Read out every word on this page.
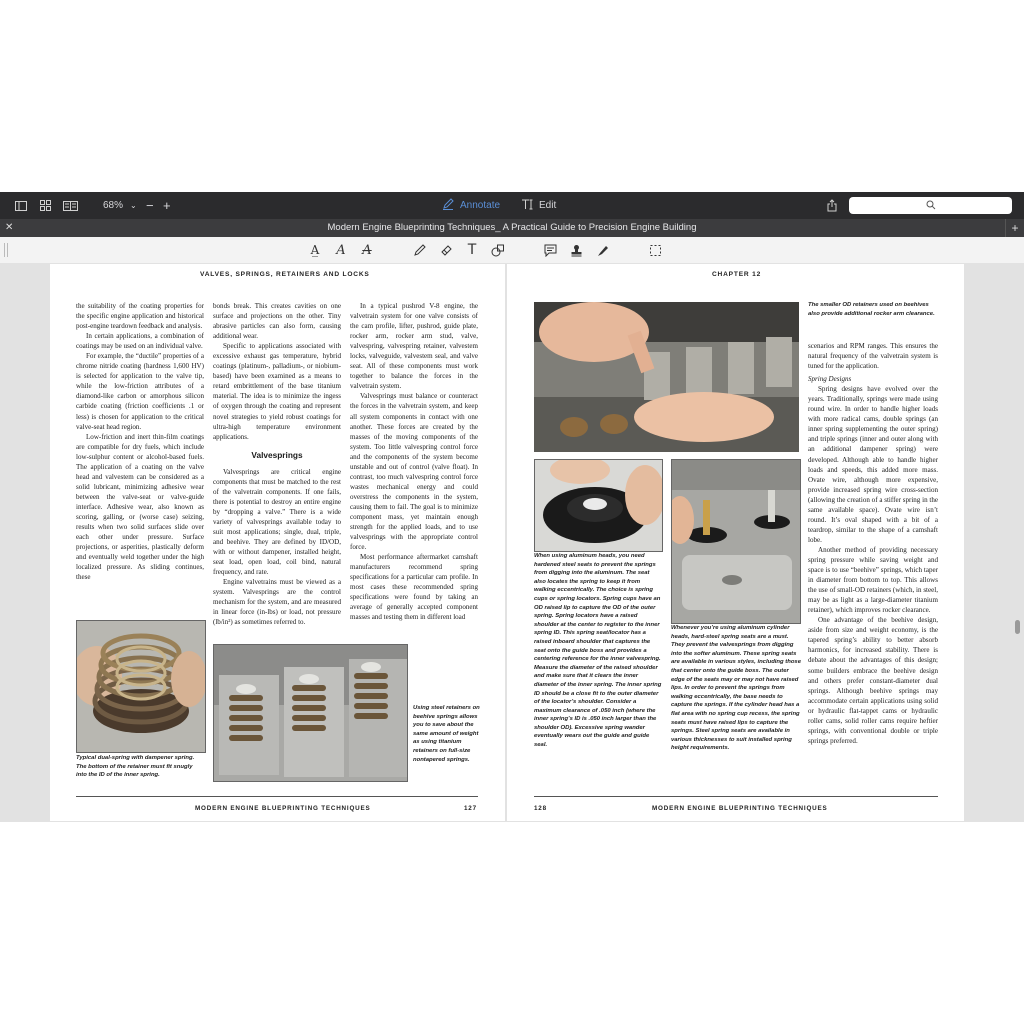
68% ⌄ − +	Annotate	Edit
✕	Modern Engine Blueprinting Techniques_ A Practical Guide to Precision Engine Building	+
A̲ A A	T
VALVES, SPRINGS, RETAINERS AND LOCKS

the suitability of the coating properties for the specific engine application and historical post-engine teardown feedback and analysis.

In certain applications, a combination of coatings may be used on an individual valve.

For example, the “ductile” properties of a chrome nitride coating (hardness 1,600 HV) is selected for application to the valve tip, while the low-friction attributes of a diamond-like carbon or amorphous silicon carbide coating (friction coefficients .1 or less) is chosen for application to the critical valve-seat head region.

Low-friction and inert thin-film coatings are compatible for dry fuels, which include low-sulphur content or alcohol-based fuels. The application of a coating on the valve head and valvestem can be considered as a solid lubricant, minimizing adhesive wear between the valve-seat or valve-guide interface. Adhesive wear, also known as scoring, galling, or (worse case) seizing, results when two solid surfaces slide over each other under pressure. Surface projections, or asperities, plastically deform and eventually weld together under the high localized pressure. As sliding continues, these

bonds break. This creates cavities on one surface and projections on the other. Tiny abrasive particles can also form, causing additional wear.

Specific to applications associated with excessive exhaust gas temperature, hybrid coatings (platinum-, palladium-, or niobium-based) have been examined as a means to retard embrittlement of the base titanium material. The idea is to minimize the ingess of oxygen through the coating and represent novel strategies to yield robust coatings for ultra-high temperature environment applications.

Valvesprings

Valvesprings are critical engine components that must be matched to the rest of the valvetrain components. If one fails, there is potential to destroy an entire engine by “dropping a valve.” There is a wide variety of valvesprings available today to suit most applications; single, dual, triple, and beehive. They are defined by ID/OD, with or without dampener, installed height, seat load, open load, coil bind, natural frequency, and rate.

Engine valvetrains must be viewed as a system. Valvesprings are the control mechanism for the system, and are measured in linear force (in-lbs) or load, not pressure (lb/in²) as sometimes referred to.

In a typical pushrod V-8 engine, the valvetrain system for one valve consists of the cam profile, lifter, pushrod, guide plate, rocker arm, rocker arm stud, valve, valvespring, valvespring retainer, valvestem locks, valveguide, valvestem seal, and valve seat. All of these components must work together to balance the forces in the valvetrain system.

Valvesprings must balance or counteract the forces in the valvetrain system, and keep all system components in contact with one another. These forces are created by the masses of the moving components of the system. Too little valvespring control force and the components of the system become unstable and out of control (valve float). In contrast, too much valvespring control force wastes mechanical energy and could overstress the components in the system, causing them to fail. The goal is to minimize component mass, yet maintain enough strength for the applied loads, and to use valvesprings with the appropriate control force.

Most performance aftermarket camshaft manufacturers recommend spring specifications for a particular cam profile. In most cases these recommended spring specifications were found by taking an average of generally accepted component masses and testing them in different load

Typical dual-spring with dampener spring. The bottom of the retainer must fit snugly into the ID of the inner spring.
Using steel retainers on beehive springs allows you to save about the same amount of weight as using titanium retainers on full-size nontapered springs.
MODERN ENGINE BLUEPRINTING TECHNIQUES	127
CHAPTER 12
The smaller OD retainers used on beehives also provide additional rocker arm clearance.

scenarios and RPM ranges. This ensures the natural frequency of the valvetrain system is tuned for the application.

Spring Designs

Spring designs have evolved over the years. Traditionally, springs were made using round wire. In order to handle higher loads with more radical cams, double springs (an inner spring supplementing the outer spring) and triple springs (inner and outer along with an additional dampener spring) were developed. Although able to handle higher loads and speeds, this added more mass. Ovate wire, although more expensive, provide increased spring wire cross-section (allowing the creation of a stiffer spring in the same available space). Ovate wire isn’t round. It’s oval shaped with a bit of a teardrop, similar to the shape of a camshaft lobe.

Another method of providing necessary spring pressure while saving weight and space is to use “beehive” springs, which taper in diameter from bottom to top. This allows the use of small-OD retainers (which, in steel, may be as light as a large-diameter titanium retainer), which improves rocker clearance.

One advantage of the beehive design, aside from size and weight economy, is the tapered spring’s ability to better absorb harmonics, for increased stability. There is debate about the advantages of this design; some builders embrace the beehive design and others prefer constant-diameter dual springs. Although beehive springs may accommodate certain applications using solid or hydraulic flat-tappet cams or hydraulic roller cams, solid roller cams require heftier springs, with conventional double or triple springs preferred.

When using aluminum heads, you need hardened steel seats to prevent the springs from digging into the aluminum. The seat also locates the spring to keep it from walking eccentrically. The choice is spring cups or spring locators. Spring cups have an OD raised lip to capture the OD of the outer spring. Spring locators have a raised shoulder at the center to register to the inner spring ID. This spring seat/locator has a raised inboard shoulder that captures the seat onto the guide boss and provides a centering reference for the inner valvespring. Measure the diameter of the raised shoulder and make sure that it clears the inner diameter of the inner spring. The inner spring ID should be a close fit to the outer diameter of the locator’s shoulder. Consider a maximum clearance of .050 inch (where the inner spring’s ID is .050 inch larger than the shoulder OD). Excessive spring wander eventually wears out the guide and guide seal.
Whenever you’re using aluminum cylinder heads, hard-steel spring seats are a must. They prevent the valvesprings from digging into the softer aluminum. These spring seats are available in various styles, including those that center onto the guide boss. The outer edge of the seats may or may not have raised lips. In order to prevent the springs from walking eccentrically, the base needs to capture the springs. If the cylinder head has a flat area with no spring cup recess, the spring seats must have raised lips to capture the springs. Steel spring seats are available in various thicknesses to suit installed spring height requirements.
128	MODERN ENGINE BLUEPRINTING TECHNIQUES
